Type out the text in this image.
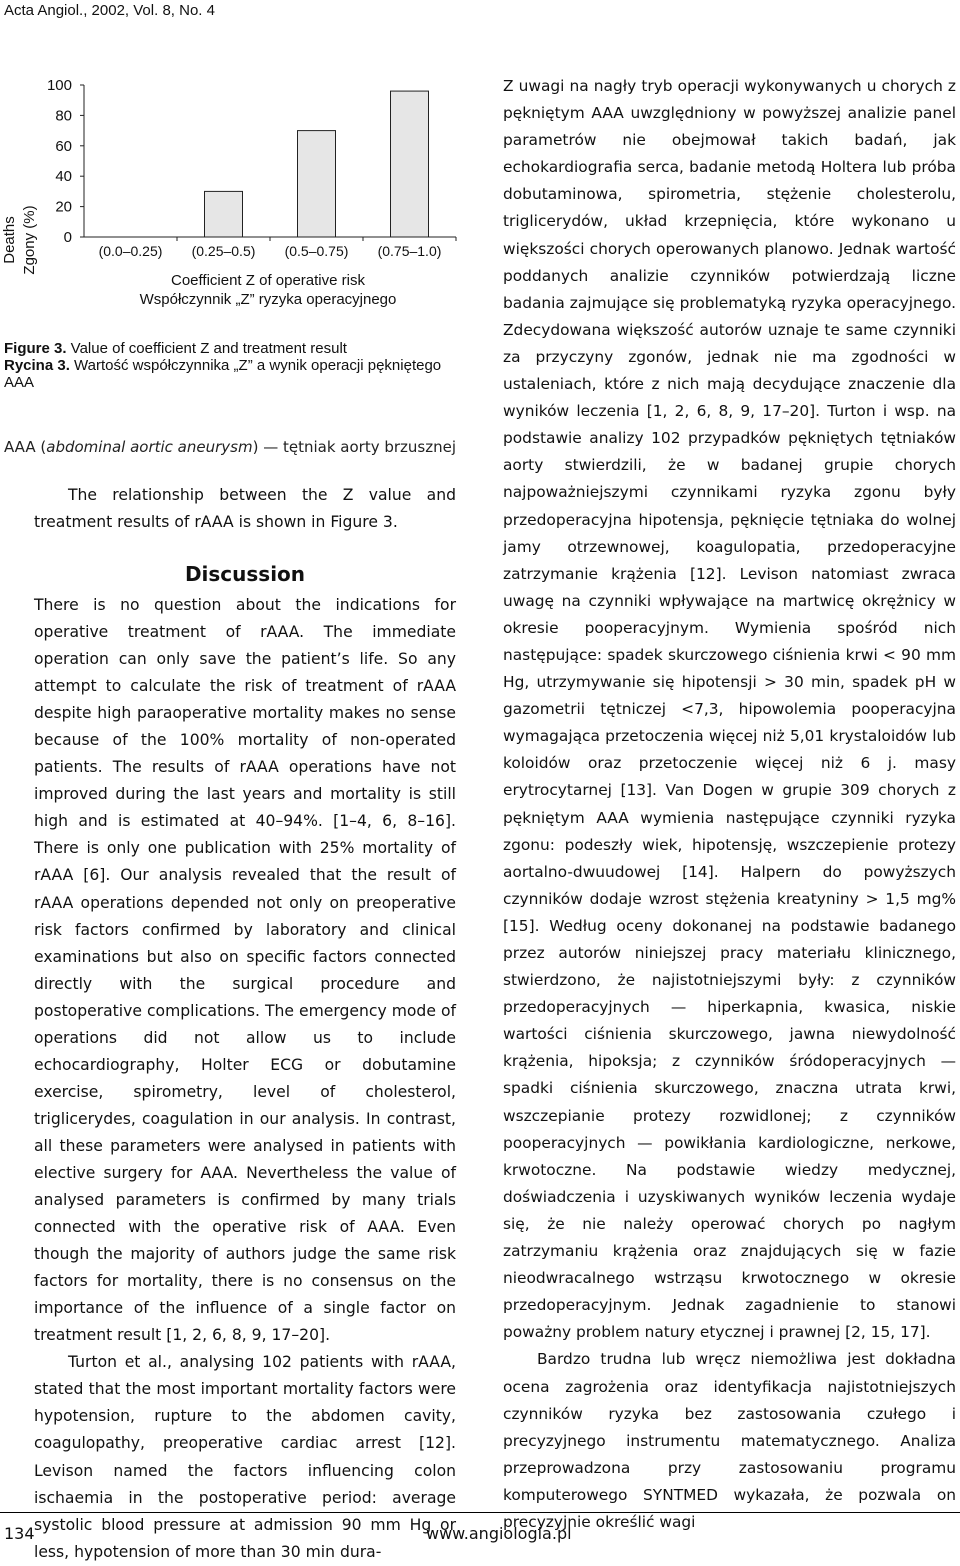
Acta Angiol., 2002, Vol. 8, No. 4
Deaths Zgony (%) 0
20
40
60
80
100
(0.0–0.25) (0.25–0.5) (0.5–0.75) (0.75–1.0)
Coefficient Z of operative risk
Współczynnik „Z” ryzyka operacyjnego
Figure 3. Value of coefficient Z and treatment result
Rycina 3. Wartość współczynnika „Z” a wynik operacji pękniętego AAA
AAA (abdominal aortic aneurysm) — tętniak aorty brzusznej

The relationship between the Z value and treatment results of rAAA is shown in Figure 3.

Discussion

There is no question about the indications for operative treatment of rAAA. The immediate operation can only save the patient’s life. So any attempt to calculate the risk of treatment of rAAA despite high paraoperative mortality makes no sense because of the 100% mortality of non-operated patients. The results of rAAA operations have not improved during the last years and mortality is still high and is estimated at 40–94%. [1–4, 6, 8–16]. There is only one publication with 25% mortality of rAAA [6]. Our analysis revealed that the result of rAAA operations depended not only on preoperative risk factors confirmed by laboratory and clinical examinations but also on specific factors connected directly with the surgical procedure and postoperative complications. The emergency mode of operations did not allow us to include echocardiography, Holter ECG or dobutamine exercise, spirometry, level of cholesterol, triglicerydes, coagulation in our analysis. In contrast, all these parameters were analysed in patients with elective surgery for AAA. Nevertheless the value of analysed parameters is confirmed by many trials connected with the operative risk of AAA. Even though the majority of authors judge the same risk factors for mortality, there is no consensus on the importance of the influence of a single factor on treatment result [1, 2, 6, 8, 9, 17–20].

Turton et al., analysing 102 patients with rAAA, stated that the most important mortality factors were hypotension, rupture to the abdomen cavity, coagulopathy, preoperative cardiac arrest [12]. Levison named the factors influencing colon ischaemia in the postoperative period: average systolic blood pressure at admission 90 mm Hg or less, hypotension of more than 30 min dura-

Z uwagi na nagły tryb operacji wykonywanych u chorych z pękniętym AAA uwzględniony w powyższej analizie panel parametrów nie obejmował takich badań, jak echokardiografia serca, badanie metodą Holtera lub próba dobutaminowa, spirometria, stężenie cholesterolu, triglicerydów, układ krzepnięcia, które wykonano u większości chorych operowanych planowo. Jednak wartość poddanych analizie czynników potwierdzają liczne badania zajmujące się problematyką ryzyka operacyjnego. Zdecydowana większość autorów uznaje te same czynniki za przyczyny zgonów, jednak nie ma zgodności w ustaleniach, które z nich mają decydujące znaczenie dla wyników leczenia [1, 2, 6, 8, 9, 17–20]. Turton i wsp. na podstawie analizy 102 przypadków pękniętych tętniaków aorty stwierdzili, że w badanej grupie chorych najpoważniejszymi czynnikami ryzyka zgonu były przedoperacyjna hipotensja, pęknięcie tętniaka do wolnej jamy otrzewnowej, koagulopatia, przedoperacyjne zatrzymanie krążenia [12]. Levison natomiast zwraca uwagę na czynniki wpływające na martwicę okrężnicy w okresie pooperacyjnym. Wymienia spośród nich następujące: spadek skurczowego ciśnienia krwi < 90 mm Hg, utrzymywanie się hipotensji > 30 min, spadek pH w gazometrii tętniczej <7,3, hipowolemia pooperacyjna wymagająca przetoczenia więcej niż 5,01 krystaloidów lub koloidów oraz przetoczenie więcej niż 6 j. masy erytrocytarnej [13]. Van Dogen w grupie 309 chorych z pękniętym AAA wymienia następujące czynniki ryzyka zgonu: podeszły wiek, hipotensję, wszczepienie protezy aortalno-dwuudowej [14]. Halpern do powyższych czynników dodaje wzrost stężenia kreatyniny > 1,5 mg% [15]. Według oceny dokonanej na podstawie badanego przez autorów niniejszej pracy materiału klinicznego, stwierdzono, że najistotniejszymi były: z czynników przedoperacyjnych — hiperkapnia, kwasica, niskie wartości ciśnienia skurczowego, jawna niewydolność krążenia, hipoksja; z czynników śródoperacyjnych — spadki ciśnienia skurczowego, znaczna utrata krwi, wszczepianie protezy rozwidlonej; z czynników pooperacyjnych — powikłania kardiologiczne, nerkowe, krwotoczne. Na podstawie wiedzy medycznej, doświadczenia i uzyskiwanych wyników leczenia wydaje się, że nie należy operować chorych po nagłym zatrzymaniu krążenia oraz znajdujących się w fazie nieodwracalnego wstrząsu krwotocznego w okresie przedoperacyjnym. Jednak zagadnienie to stanowi poważny problem natury etycznej i prawnej [2, 15, 17].

Bardzo trudna lub wręcz niemożliwa jest dokładna ocena zagrożenia oraz identyfikacja najistotniejszych czynników ryzyka bez zastosowania czułego i precyzyjnego instrumentu matematycznego. Analiza przeprowadzona przy zastosowaniu programu komputerowego SYNTMED wykazała, że pozwala on precyzyjnie określić wagi

134	www.angiologia.pl
